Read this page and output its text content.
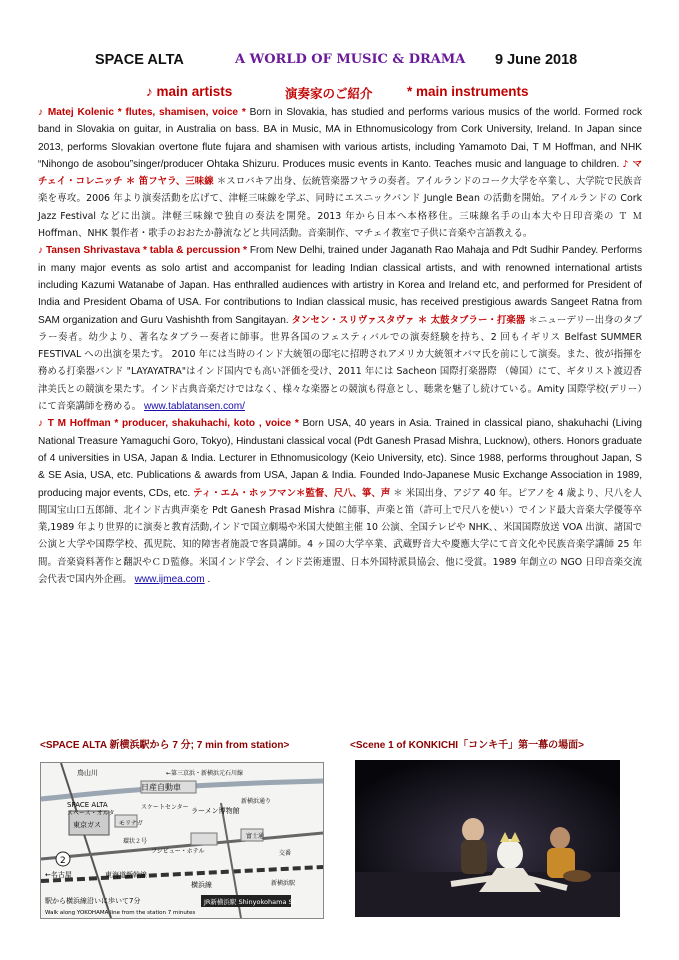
SPACE ALTA	A WORLD OF MUSIC & DRAMA 9 June 2018
♪ main artists	演奏家のご紹介	* main instruments

♪ Matej Kolenic * flutes, shamisen, voice * Born in Slovakia, has studied and performs various musics of the world. Formed rock band in Slovakia on guitar, in Australia on bass. BA in Music, MA in Ethnomusicology from Cork University, Ireland. In Japan since 2013, performs Slovakian overtone flute fujara and shamisen with various artists, including Yamamoto Dai, T M Hoffman, and NHK “Nihongo de asobou”singer/producer Ohtaka Shizuru. Produces music events in Kanto. Teaches music and language to children. ♪ マチェイ・コレニッチ ＊ 笛フヤラ、三味線 ＊スロバキア出身、伝統管楽器フヤラの奏者。アイルランドのコーク大学を卒業し、大学院で民族音楽を専攻。2006 年より演奏活動を広げて、津軽三味線を学ぶ、同時にエスニックバンド Jungle Bean の活動を開始。アイルランドの Cork Jazz Festival などに出演。津軽三味線で独自の奏法を開発。2013 年から日本へ本格移住。三味線名手の山本大や日印音楽の Ｔ Ｍ Hoffman、NHK 製作者・歌手のおおたか静流などと共同活動。音楽制作、マチェイ教室で子供に音楽や言語教える。

♪ Tansen Shrivastava * tabla & percussion * From New Delhi, trained under Jaganath Rao Mahaja and Pdt Sudhir Pandey. Performs in many major events as solo artist and accompanist for leading Indian classical artists, and with renowned international artists including Kazumi Watanabe of Japan. Has enthralled audiences with artistry in Korea and Ireland etc, and performed for President of India and President Obama of USA. For contributions to Indian classical music, has received prestigious awards Sangeet Ratna from SAM organization and Guru Vashishth from Sangitayan. タンセン・スリヴァスタヴァ ＊ 太鼓タブラー・打楽器 ＊ニューデリー出身のタブラー奏者。幼少より、著名なタブラー奏者に師事。世界各国のフェスティバルでの演奏経験を持ち、2 回もイギリス Belfast SUMMER FESTIVAL への出演を果たす。 2010 年には当時のインド大統領の邸宅に招聘されアメリカ大統領オバマ氏を前にして演奏。また、彼が指揮を務める打楽器バンド "LAYAYATRA"はインド国内でも高い評価を受け、2011 年には Sacheon 国際打楽器際 （韓国）にて、ギタリスト渡辺香津美氏との競演を果たす。インド古典音楽だけではなく、様々な楽器との競演も得意とし、聴衆を魅了し続けている。Amity 国際学校(デリー）にて音楽講師を務める。 www.tablatansen.com/

♪ T M Hoffman * producer, shakuhachi, koto , voice * Born USA, 40 years in Asia. Trained in classical piano, shakuhachi (Living National Treasure Yamaguchi Goro, Tokyo), Hindustani classical vocal (Pdt Ganesh Prasad Mishra, Lucknow), others. Honors graduate of 4 universities in USA, Japan & India. Lecturer in Ethnomusicology (Keio University, etc). Since 1988, performs throughout Japan, S & SE Asia, USA, etc. Publications & awards from USA, Japan & India. Founded Indo-Japanese Music Exchange Association in 1989, producing major events, CDs, etc. ティ・エム・ホッフマン＊監督、尺八、箏、声 ＊ 米国出身、アジア 40 年。ピアノを 4 歳より、尺八を人間国宝山口五郎師、北インド古典声楽を Pdt Ganesh Prasad Mishra に師事、声楽と笛（許可上で尺八を使い）でインド最大音楽大学優等卒業,1989 年より世界的に演奏と教育活動,インドで国立劇場や米国大使館主催 10 公演、全国テレビや NHK、、米国国際放送 VOA 出演、諸国で公演と大学や国際学校、孤児院、知的障害者施設で客員講師。4 ヶ国の大学卒業、武蔵野音大や慶應大学にて音文化や民族音楽学講師 25 年間。音楽資料著作と翻訳やＣＤ監修。米国インド学会、インド芸術連盟、日本外国特派員協会、他に受賞。1989 年創立の NGO 日印音楽交流会代表で国内外企画。 www.ijmea.com .

<SPACE ALTA 新横浜駅から 7 分; 7 min from station>	<Scene 1 of KONKICHI「コンキ千」第一幕の場面>
2
日産自動車
鳥山川	←第三京浜・新横浜元石川線
SPACE ALTA
スペース・オルタ
東京ガス	モリナガ
スケートセンター ラーメン博物館
新横浜通り
フジビュー・ホテル
富士通
交番
新横浜駅
←名古屋	東海道新幹線
横浜線
JR新横浜駅 Shinyokohama St.
駅から横浜線沿いに歩いて7分
Walk along YOKOHAMA line from the station 7 minutes
環状２号
